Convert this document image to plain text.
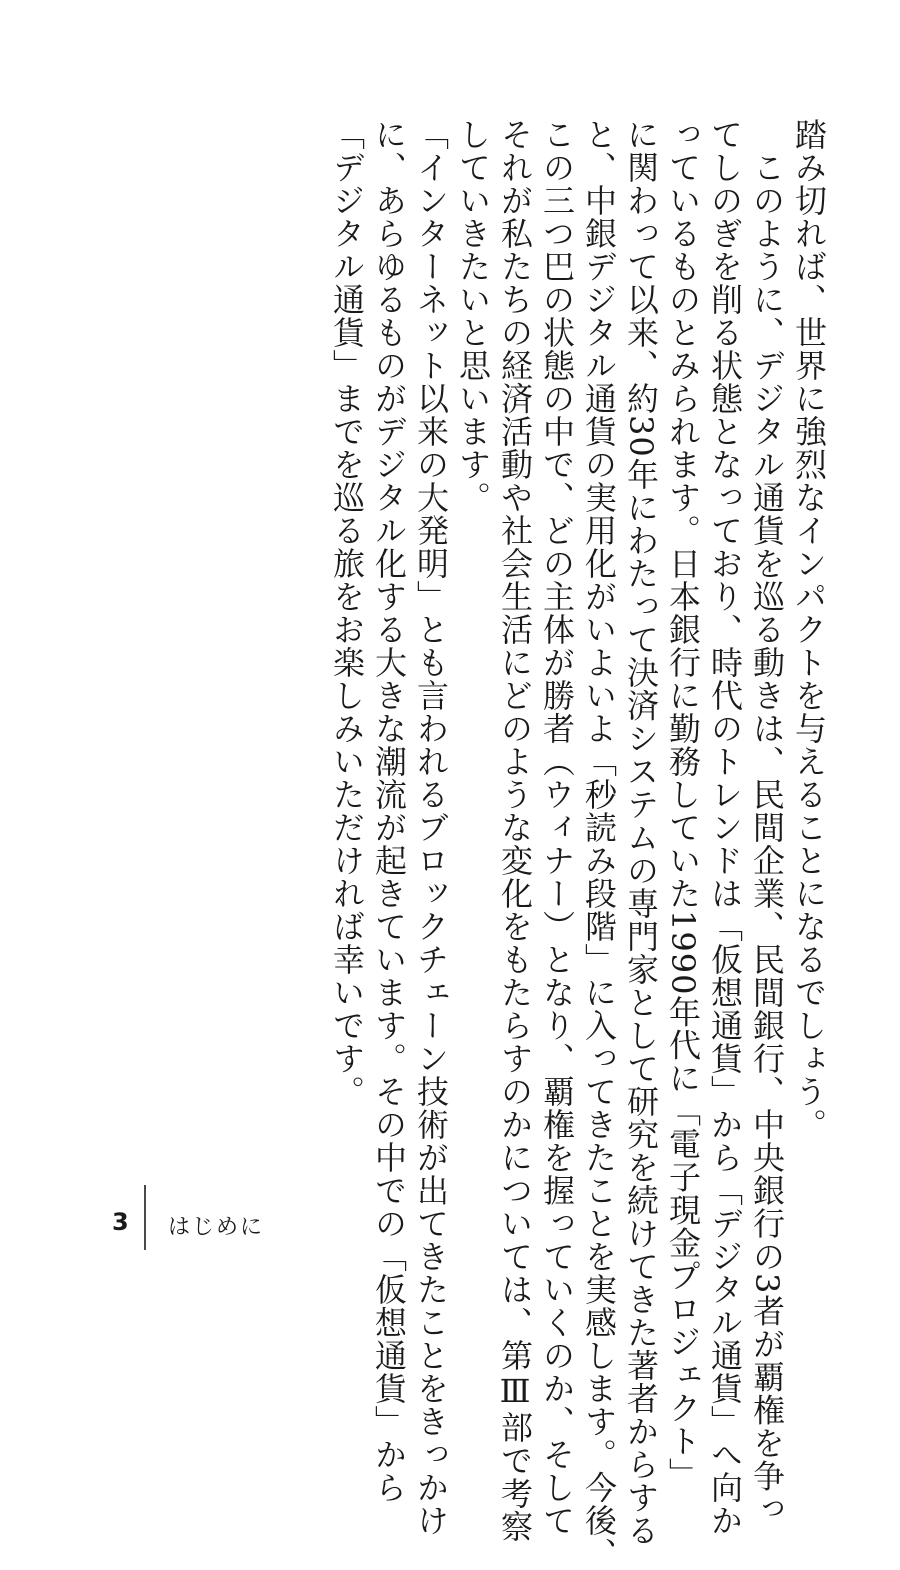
踏み切れば、世界に強烈なインパクトを与えることになるでしょう。
　このように、デジタル通貨を巡る動きは、民間企業、民間銀行、中央銀行の3者が覇権を争っ
てしのぎを削る状態となっており、時代のトレンドは「仮想通貨」から「デジタル通貨」へ向か
っているものとみられます。日本銀行に勤務していた1990年代に「電子現金プロジェクト」
に関わって以来、約30年にわたって決済システムの専門家として研究を続けてきた著者からする
と、中銀デジタル通貨の実用化がいよいよ「秒読み段階」に入ってきたことを実感します。今後、
この三つ巴の状態の中で、どの主体が勝者（ウィナー）となり、覇権を握っていくのか、そして
それが私たちの経済活動や社会生活にどのような変化をもたらすのかについては、第Ⅲ部で考察
していきたいと思います。
「インターネット以来の大発明」とも言われるブロックチェーン技術が出てきたことをきっかけ
に、あらゆるものがデジタル化する大きな潮流が起きています。その中での「仮想通貨」から
「デジタル通貨」までを巡る旅をお楽しみいただければ幸いです。
3 はじめに
